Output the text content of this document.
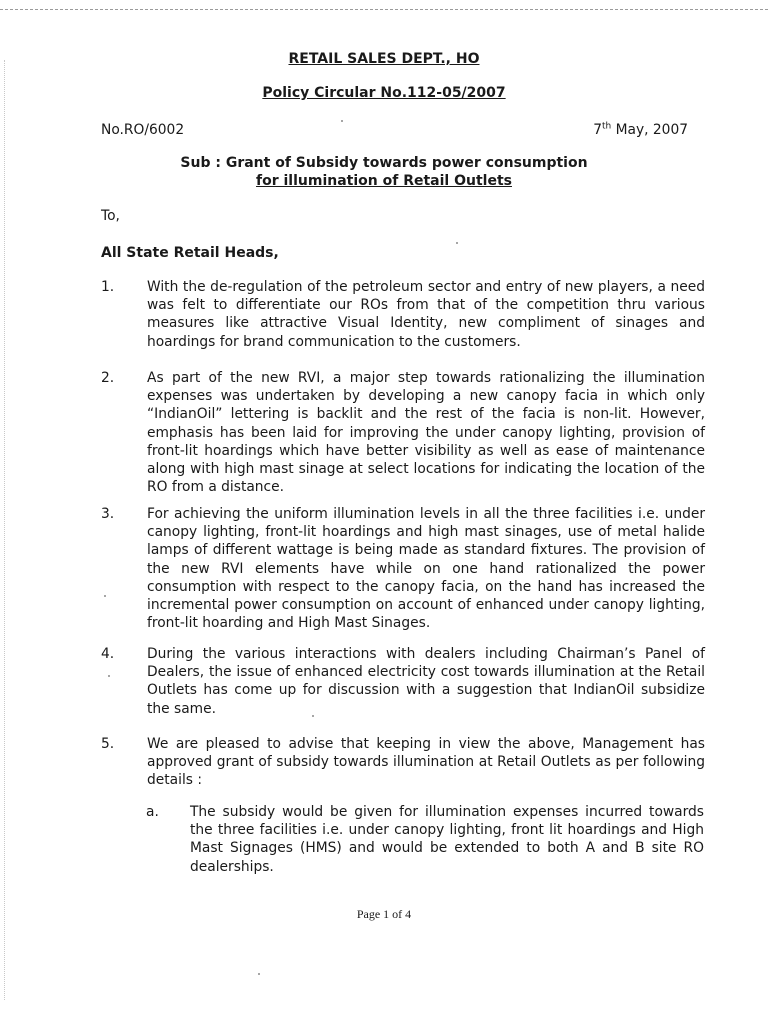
RETAIL SALES DEPT., HO
Policy Circular No.112-05/2007
No.RO/6002	7th May, 2007
Sub : Grant of Subsidy towards power consumption
for illumination of Retail Outlets
To,
All State Retail Heads,
1. With the de-regulation of the petroleum sector and entry of new players, a need was felt to differentiate our ROs from that of the competition thru various measures like attractive Visual Identity, new compliment of sinages and hoardings for brand communication to the customers.
2. As part of the new RVI, a major step towards rationalizing the illumination expenses was undertaken by developing a new canopy facia in which only “IndianOil” lettering is backlit and the rest of the facia is non-lit. However, emphasis has been laid for improving the under canopy lighting, provision of front-lit hoardings which have better visibility as well as ease of maintenance along with high mast sinage at select locations for indicating the location of the RO from a distance.
3. For achieving the uniform illumination levels in all the three facilities i.e. under canopy lighting, front-lit hoardings and high mast sinages, use of metal halide lamps of different wattage is being made as standard fixtures. The provision of the new RVI elements have while on one hand rationalized the power consumption with respect to the canopy facia, on the hand has increased the incremental power consumption on account of enhanced under canopy lighting, front-lit hoarding and High Mast Sinages.
4. During the various interactions with dealers including Chairman’s Panel of Dealers, the issue of enhanced electricity cost towards illumination at the Retail Outlets has come up for discussion with a suggestion that IndianOil subsidize the same.
5. We are pleased to advise that keeping in view the above, Management has approved grant of subsidy towards illumination at Retail Outlets as per following details :
a. The subsidy would be given for illumination expenses incurred towards the three facilities i.e. under canopy lighting, front lit hoardings and High Mast Signages (HMS) and would be extended to both A and B site RO dealerships.
Page 1 of 4
